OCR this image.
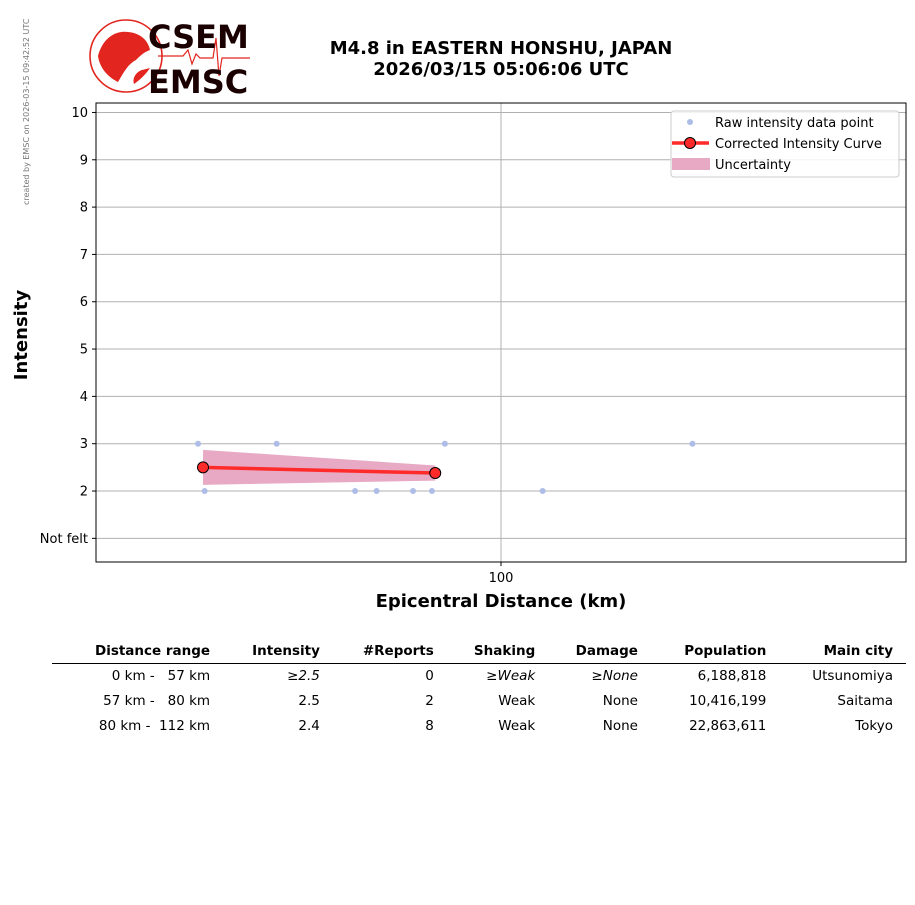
created by EMSC on 2026-03-15 09:42:52 UTC	CSEM
EMSC
M4.8 in EASTERN HONSHU, JAPAN
2026/03/15 05:06:06 UTC
Not felt
2
3
4
5
6
7
8
9
10
100
Epicentral Distance (km)
Intensity
Raw intensity data point
Corrected Intensity Curve
Uncertainty
Distance range	Intensity	#Reports	Shaking	Damage	Population	Main city
0 km -   57 km	≥2.5	0	≥Weak	≥None	6,188,818	Utsunomiya
57 km -   80 km	2.5	2	Weak	None	10,416,199	Saitama
80 km -  112 km	2.4	8	Weak	None	22,863,611	Tokyo
